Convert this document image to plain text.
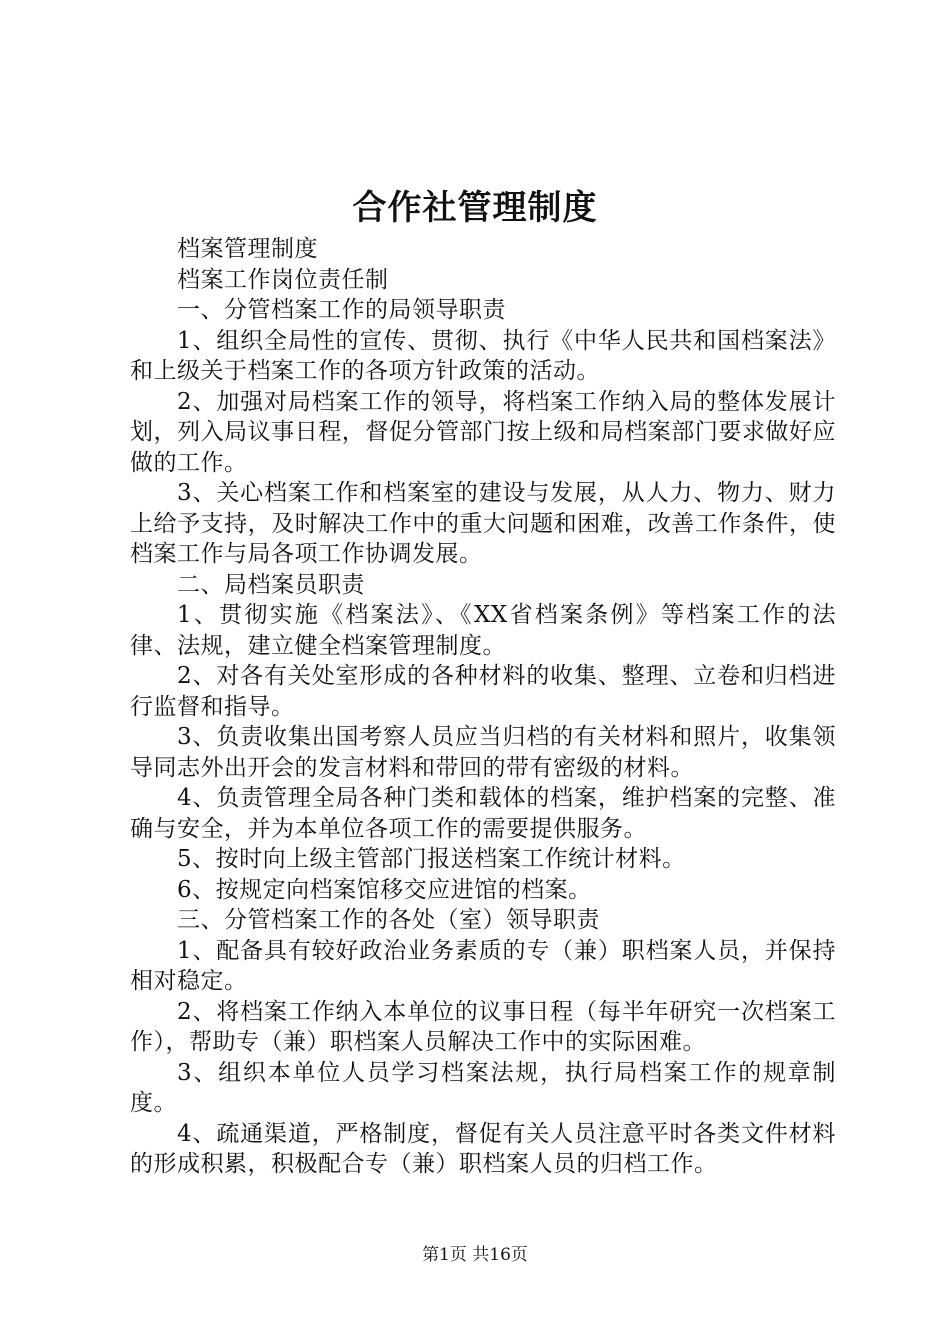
合作社管理制度

档案管理制度

档案工作岗位责任制

一、分管档案工作的局领导职责

1、组织全局性的宣传、贯彻、执行《中华人民共和国档案法》和上级关于档案工作的各项方针政策的活动。

2、加强对局档案工作的领导，将档案工作纳入局的整体发展计划，列入局议事日程，督促分管部门按上级和局档案部门要求做好应做的工作。

3、关心档案工作和档案室的建设与发展，从人力、物力、财力上给予支持，及时解决工作中的重大问题和困难，改善工作条件，使档案工作与局各项工作协调发展。

二、局档案员职责

1、贯彻实施《档案法》、《XX省档案条例》等档案工作的法律、法规，建立健全档案管理制度。

2、对各有关处室形成的各种材料的收集、整理、立卷和归档进行监督和指导。

3、负责收集出国考察人员应当归档的有关材料和照片，收集领导同志外出开会的发言材料和带回的带有密级的材料。

4、负责管理全局各种门类和载体的档案，维护档案的完整、准确与安全，并为本单位各项工作的需要提供服务。

5、按时向上级主管部门报送档案工作统计材料。

6、按规定向档案馆移交应进馆的档案。

三、分管档案工作的各处（室）领导职责

1、配备具有较好政治业务素质的专（兼）职档案人员，并保持相对稳定。

2、将档案工作纳入本单位的议事日程（每半年研究一次档案工作），帮助专（兼）职档案人员解决工作中的实际困难。

3、组织本单位人员学习档案法规，执行局档案工作的规章制度。

4、疏通渠道，严格制度，督促有关人员注意平时各类文件材料的形成积累，积极配合专（兼）职档案人员的归档工作。

第1页 共16页
